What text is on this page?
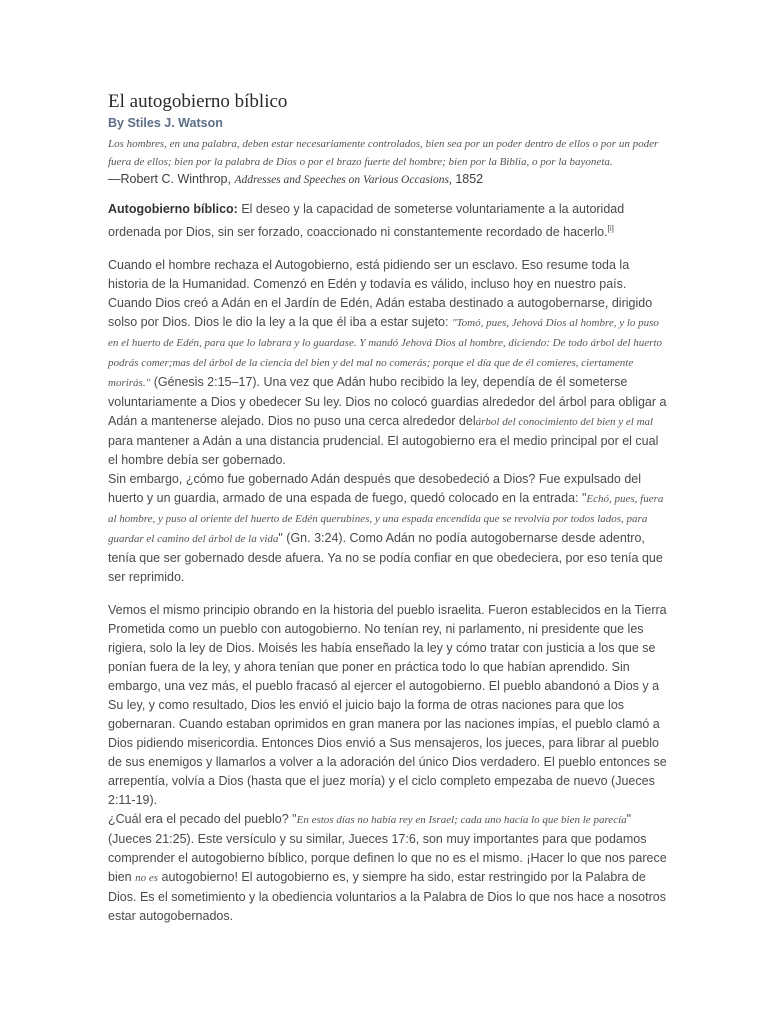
El autogobierno bíblico
By Stiles J. Watson

Los hombres, en una palabra, deben estar necesariamente controlados, bien sea por un poder dentro de ellos o por un poder fuera de ellos; bien por la palabra de Dios o por el brazo fuerte del hombre; bien por la Biblia, o por la bayoneta.

—Robert C. Winthrop, Addresses and Speeches on Various Occasions, 1852

Autogobierno bíblico: El deseo y la capacidad de someterse voluntariamente a la autoridad ordenada por Dios, sin ser forzado, coaccionado ni constantemente recordado de hacerlo.[i]

Cuando el hombre rechaza el Autogobierno, está pidiendo ser un esclavo. Eso resume toda la historia de la Humanidad. Comenzó en Edén y todavía es válido, incluso hoy en nuestro país. Cuando Dios creó a Adán en el Jardín de Edén, Adán estaba destinado a autogobernarse, dirigido solso por Dios. Dios le dio la ley a la que él iba a estar sujeto: "Tomó, pues, Jehová Dios al hombre, y lo puso en el huerto de Edén, para que lo labrara y lo guardase. Y mandó Jehová Dios al hombre, diciendo: De todo árbol del huerto podrás comer;mas del árbol de la ciencia del bien y del mal no comerás; porque el día que de él comieres, ciertamente morirás." (Génesis 2:15–17). Una vez que Adán hubo recibido la ley, dependía de él someterse voluntariamente a Dios y obedecer Su ley. Dios no colocó guardias alrededor del árbol para obligar a Adán a mantenerse alejado. Dios no puso una cerca alrededor delárbol del conocimiento del bien y el mal para mantener a Adán a una distancia prudencial. El autogobierno era el medio principal por el cual el hombre debía ser gobernado.

Sin embargo, ¿cómo fue gobernado Adán después que desobedeció a Dios? Fue expulsado del huerto y un guardia, armado de una espada de fuego, quedó colocado en la entrada: "Echó, pues, fuera al hombre, y puso al oriente del huerto de Edén querubines, y una espada encendida que se revolvía por todos lados, para guardar el camino del árbol de la vida" (Gn. 3:24). Como Adán no podía autogobernarse desde adentro, tenía que ser gobernado desde afuera. Ya no se podía confiar en que obedeciera, por eso tenía que ser reprimido.

Vemos el mismo principio obrando en la historia del pueblo israelita. Fueron establecidos en la Tierra Prometida como un pueblo con autogobierno. No tenían rey, ni parlamento, ni presidente que les rigiera, solo la ley de Dios. Moisés les había enseñado la ley y cómo tratar con justicia a los que se ponían fuera de la ley, y ahora tenían que poner en práctica todo lo que habían aprendido. Sin embargo, una vez más, el pueblo fracasó al ejercer el autogobierno. El pueblo abandonó a Dios y a Su ley, y como resultado, Dios les envió el juicio bajo la forma de otras naciones para que los gobernaran. Cuando estaban oprimidos en gran manera por las naciones impías, el pueblo clamó a Dios pidiendo misericordia. Entonces Dios envió a Sus mensajeros, los jueces, para librar al pueblo de sus enemigos y llamarlos a volver a la adoración del único Dios verdadero. El pueblo entonces se arrepentía, volvía a Dios (hasta que el juez moría) y el ciclo completo empezaba de nuevo (Jueces 2:11-19).

¿Cuál era el pecado del pueblo? "En estos días no había rey en Israel; cada uno hacía lo que bien le parecía" (Jueces 21:25). Este versículo y su similar, Jueces 17:6, son muy importantes para que podamos comprender el autogobierno bíblico, porque definen lo que no es el mismo. ¡Hacer lo que nos parece bien no es autogobierno! El autogobierno es, y siempre ha sido, estar restringido por la Palabra de Dios. Es el sometimiento y la obediencia voluntarios a la Palabra de Dios lo que nos hace a nosotros estar autogobernados.
